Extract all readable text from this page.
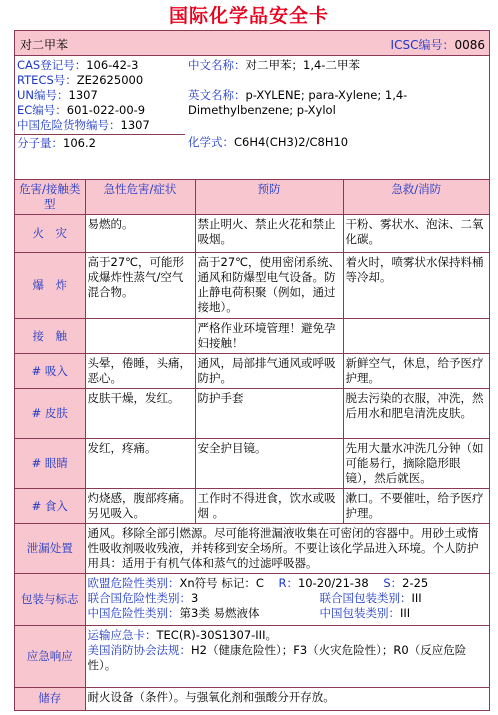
国际化学品安全卡
对二甲苯	ICSC编号：0086
CAS登记号：106-42-3
RTECS号：ZE2625000
UN编号：1307
EC编号：601-022-00-9
中国危险货物编号：1307
分子量：106.2
中文名称：对二甲苯；1,4-二甲苯
英文名称：p-XYLENE; para-Xylene; 1,4-Dimethylbenzene; p-Xylol
化学式：C6H4(CH3)2/C8H10
危害/接触类型	急性危害/症状	预防	急救/消防
火　灾	易燃的。	禁止明火、禁止火花和禁止吸烟。	干粉、雾状水、泡沫、二氧化碳。
爆　炸	高于27℃，可能形成爆炸性蒸气/空气混合物。	高于27℃，使用密闭系统、通风和防爆型电气设备。防止静电荷积聚（例如，通过接地）。	着火时，喷雾状水保持料桶等冷却。
接　触		严格作业环境管理！避免孕妇接触！	
# 吸入	头晕，倦睡，头痛，恶心。	通风，局部排气通风或呼吸防护。	新鲜空气，休息，给予医疗护理。
# 皮肤	皮肤干燥，发红。	防护手套	脱去污染的衣服，冲洗，然后用水和肥皂清洗皮肤。
# 眼睛	发红，疼痛。	安全护目镜。	先用大量水冲洗几分钟（如可能易行，摘除隐形眼镜），然后就医。
# 食入	灼烧感，腹部疼痛。另见吸入。	工作时不得进食，饮水或吸烟 。	漱口。不要催吐，给予医疗护理。
泄漏处置	通风。移除全部引燃源。尽可能将泄漏液收集在可密闭的容器中。用砂土或惰性吸收剂吸收残液，并转移到安全场所。不要让该化学品进入环境。个人防护用具：适用于有机气体和蒸气的过滤呼吸器。		
包装与标志	欧盟危险性类别：Xn符号 标记：C R：10-20/21-38 S：2-25
联合国危险性类别：3 联合国包装类别：III
中国危险性类别：第3类 易燃液体 中国包装类别：III		

应急响应	运输应急卡：TEC(R)-30S1307-III。
美国消防协会法规：H2（健康危险性）；F3（火灾危险性）；R0（反应危险性）。		

储存	耐火设备（条件）。与强氧化剂和强酸分开存放。		
